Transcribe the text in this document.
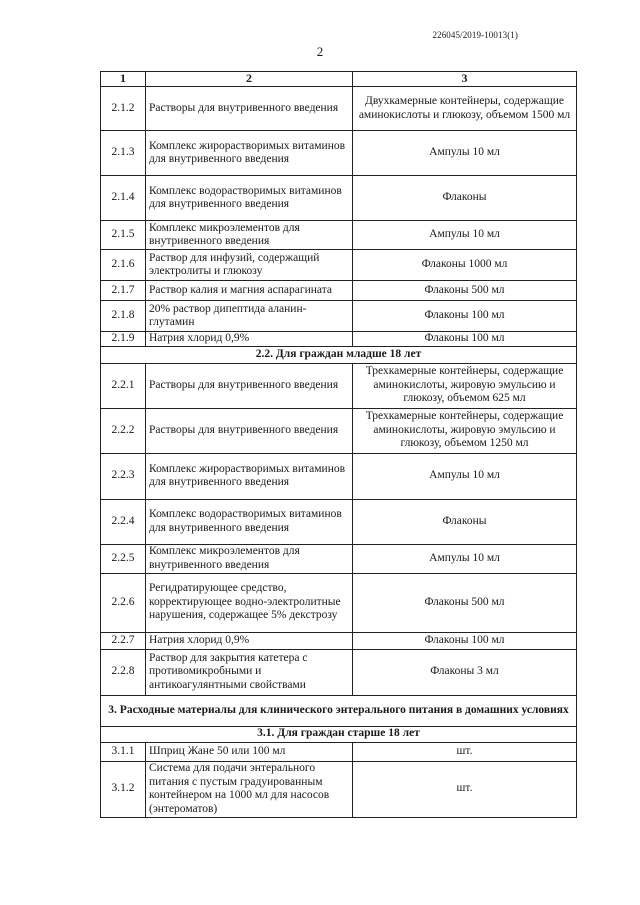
226045/2019-10013(1)
2
1	2	3
2.1.2	Растворы для внутривенного введения	Двухкамерные контейнеры, содержащие аминокислоты и глюкозу, объемом 1500 мл
2.1.3	Комплекс жирорастворимых витаминов для внутривенного введения	Ампулы 10 мл
2.1.4	Комплекс водорастворимых витаминов для внутривенного введения	Флаконы
2.1.5	Комплекс микроэлементов для внутривенного введения	Ампулы 10 мл
2.1.6	Раствор для инфузий, содержащий электролиты и глюкозу	Флаконы 1000 мл
2.1.7	Раствор калия и магния аспарагината	Флаконы 500 мл
2.1.8	20% раствор дипептида аланин-глутамин	Флаконы 100 мл
2.1.9	Натрия хлорид 0,9%	Флаконы 100 мл
2.2. Для граждан младше 18 лет		
2.2.1	Растворы для внутривенного введения	Трехкамерные контейнеры, содержащие аминокислоты, жировую эмульсию и глюкозу, объемом 625 мл
2.2.2	Растворы для внутривенного введения	Трехкамерные контейнеры, содержащие аминокислоты, жировую эмульсию и глюкозу, объемом 1250 мл
2.2.3	Комплекс жирорастворимых витаминов для внутривенного введения	Ампулы 10 мл
2.2.4	Комплекс водорастворимых витаминов для внутривенного введения	Флаконы
2.2.5	Комплекс микроэлементов для внутривенного введения	Ампулы 10 мл
2.2.6	Регидратирующее средство, корректирующее водно-электролитные нарушения, содержащее 5% декстрозу	Флаконы 500 мл
2.2.7	Натрия хлорид 0,9%	Флаконы 100 мл
2.2.8	Раствор для закрытия катетера с противомикробными и антикоагулянтными свойствами	Флаконы 3 мл
3. Расходные материалы для клинического энтерального питания в домашних условиях		
3.1. Для граждан старше 18 лет		
3.1.1	Шприц Жане 50 или 100 мл	шт.
3.1.2	Система для подачи энтерального питания с пустым градуированным контейнером на 1000 мл для насосов (энтероматов)	шт.
